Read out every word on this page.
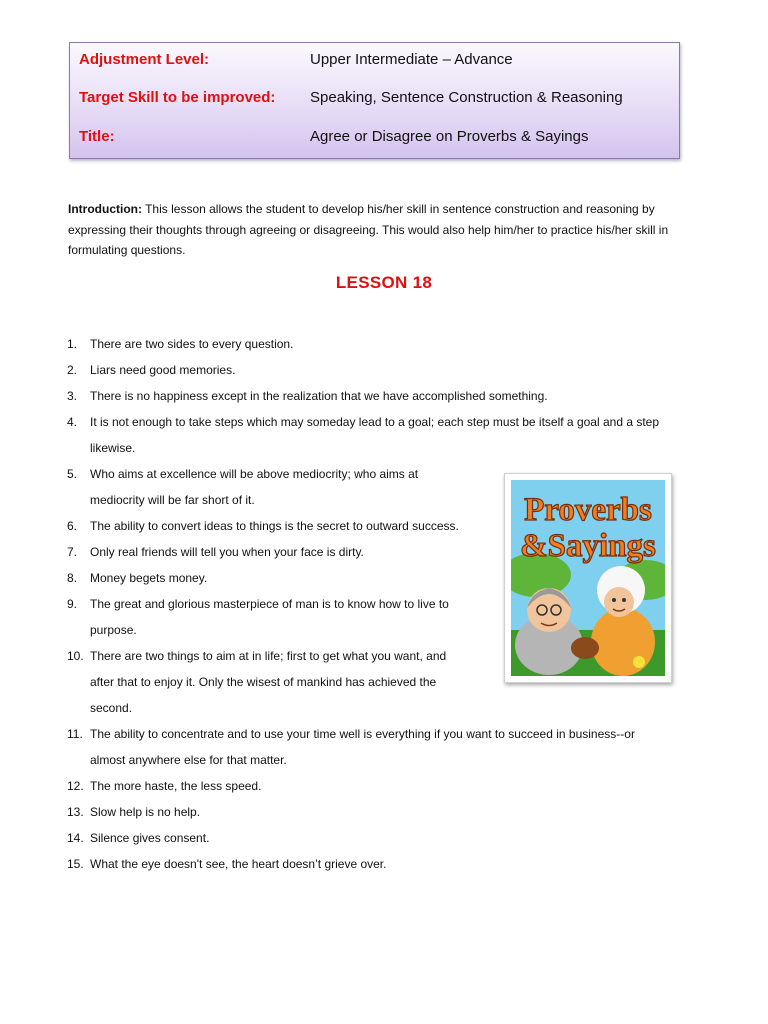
Adjustment Level:	Upper Intermediate – Advance
Target Skill to be improved: Speaking, Sentence Construction & Reasoning
Title:	Agree or Disagree on Proverbs & Sayings
Introduction: This lesson allows the student to develop his/her skill in sentence construction and reasoning by expressing their thoughts through agreeing or disagreeing. This would also help him/her to practice his/her skill in formulating questions.
LESSON 18
1.	There are two sides to every question.
2.	Liars need good memories.
3.	There is no happiness except in the realization that we have accomplished something.
4.	It is not enough to take steps which may someday lead to a goal; each step must be itself a goal and a step
likewise.
5.	Who aims at excellence will be above mediocrity; who aims at
mediocrity will be far short of it.
6.	The ability to convert ideas to things is the secret to outward success.
7.	Only real friends will tell you when your face is dirty.
8.	Money begets money.
9.	The great and glorious masterpiece of man is to know how to live to
purpose.
10. There are two things to aim at in life; first to get what you want, and
after that to enjoy it. Only the wisest of mankind has achieved the
second.
11. The ability to concentrate and to use your time well is everything if you want to succeed in business--or
almost anywhere else for that matter.
12. The more haste, the less speed.
13. Slow help is no help.
14. Silence gives consent.
15. What the eye doesn't see, the heart doesn’t grieve over.
Proverbs
&Sayings
